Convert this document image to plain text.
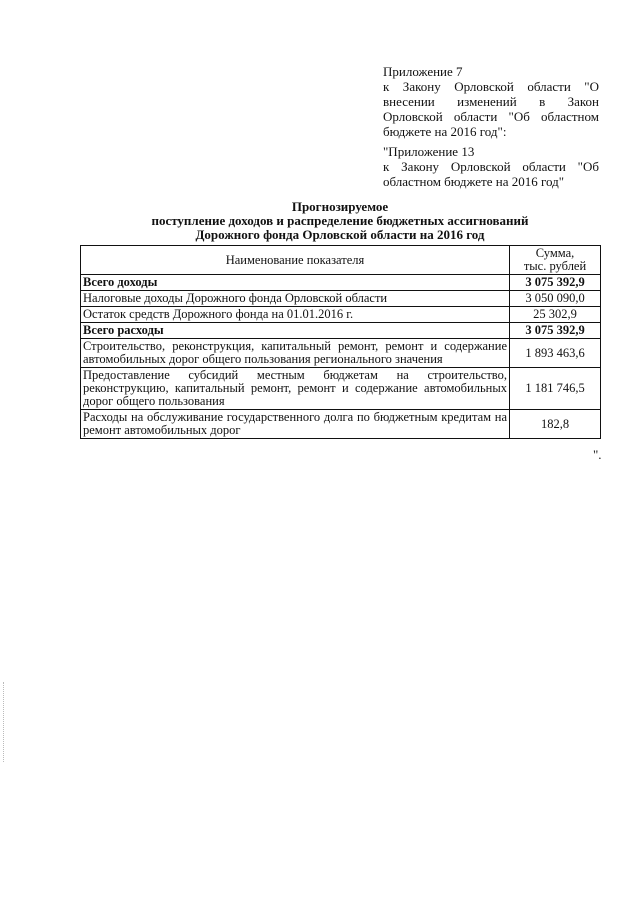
Приложение 7

к Закону Орловской области "О внесении изменений в Закон Орловской области "Об областном бюджете на 2016 год":

"Приложение 13

к Закону Орловской области "Об областном бюджете на 2016 год"

Прогнозируемое
поступление доходов и распределение бюджетных ассигнований
Дорожного фонда Орловской области на 2016 год
Наименование показателя	Сумма,
тыс. рублей

Всего доходы	3 075 392,9
Налоговые доходы Дорожного фонда Орловской области	3 050 090,0
Остаток средств Дорожного фонда на 01.01.2016 г.	25 302,9
Всего расходы	3 075 392,9
Строительство, реконструкция, капитальный ремонт, ремонт и содержание автомобильных дорог общего пользования регионального значения	1 893 463,6
Предоставление субсидий местным бюджетам на строительство, реконструкцию, капитальный ремонт, ремонт и содержание автомобильных дорог общего пользования	1 181 746,5
Расходы на обслуживание государственного долга по бюджетным кредитам на ремонт автомобильных дорог	182,8
".
